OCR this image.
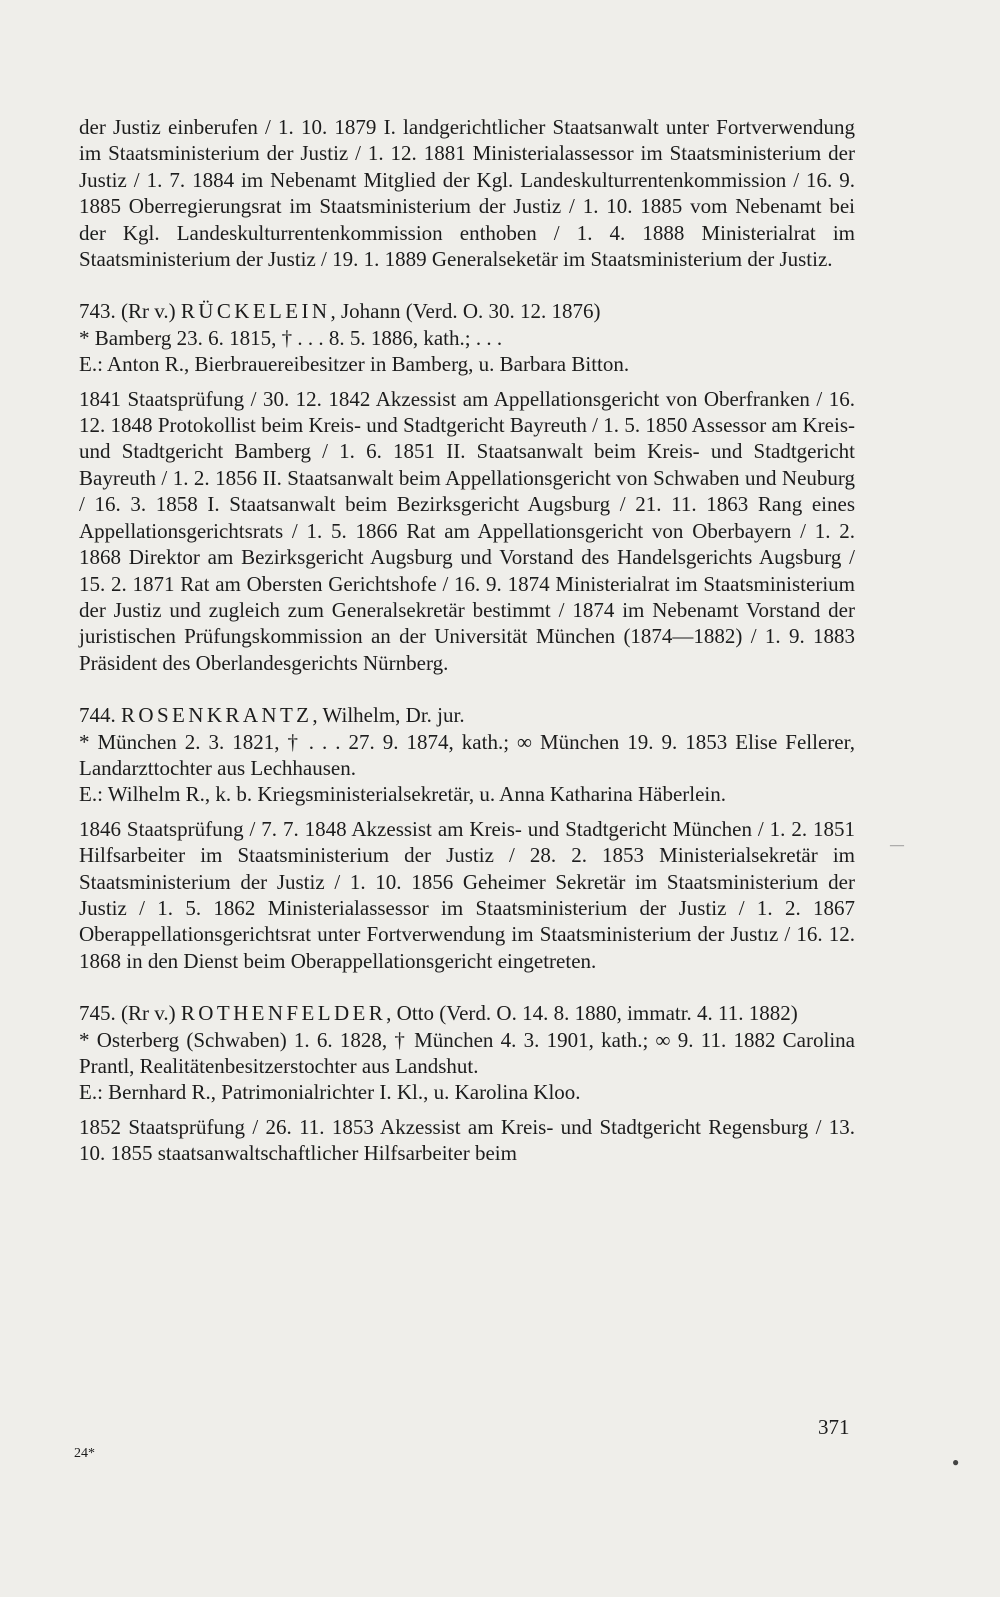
der Justiz einberufen / 1. 10. 1879 I. landgerichtlicher Staatsanwalt unter Fortverwendung im Staatsministerium der Justiz / 1. 12. 1881 Ministerialassessor im Staatsministerium der Justiz / 1. 7. 1884 im Nebenamt Mitglied der Kgl. Landeskulturrentenkommission / 16. 9. 1885 Oberregierungsrat im Staatsministerium der Justiz / 1. 10. 1885 vom Nebenamt bei der Kgl. Landeskulturrentenkommission enthoben / 1. 4. 1888 Ministerialrat im Staatsministerium der Justiz / 19. 1. 1889 Generalseketär im Staatsministerium der Justiz.

743. (Rr v.) RÜCKELEIN, Johann (Verd. O. 30. 12. 1876)

* Bamberg 23. 6. 1815, † . . . 8. 5. 1886, kath.; . . .

E.: Anton R., Bierbrauereibesitzer in Bamberg, u. Barbara Bitton.

1841 Staatsprüfung / 30. 12. 1842 Akzessist am Appellationsgericht von Oberfranken / 16. 12. 1848 Protokollist beim Kreis- und Stadtgericht Bayreuth / 1. 5. 1850 Assessor am Kreis- und Stadtgericht Bamberg / 1. 6. 1851 II. Staatsanwalt beim Kreis- und Stadtgericht Bayreuth / 1. 2. 1856 II. Staatsanwalt beim Appellationsgericht von Schwaben und Neuburg / 16. 3. 1858 I. Staatsanwalt beim Bezirksgericht Augsburg / 21. 11. 1863 Rang eines Appellationsgerichtsrats / 1. 5. 1866 Rat am Appellationsgericht von Oberbayern / 1. 2. 1868 Direktor am Bezirksgericht Augsburg und Vorstand des Handelsgerichts Augsburg / 15. 2. 1871 Rat am Obersten Gerichtshofe / 16. 9. 1874 Ministerialrat im Staatsministerium der Justiz und zugleich zum Generalsekretär bestimmt / 1874 im Nebenamt Vorstand der juristischen Prüfungskommission an der Universität München (1874—1882) / 1. 9. 1883 Präsident des Oberlandesgerichts Nürnberg.

744. ROSENKRANTZ, Wilhelm, Dr. jur.

* München 2. 3. 1821, † . . . 27. 9. 1874, kath.; ∞ München 19. 9. 1853 Elise Fellerer, Landarzttochter aus Lechhausen.

E.: Wilhelm R., k. b. Kriegsministerialsekretär, u. Anna Katharina Häberlein.

1846 Staatsprüfung / 7. 7. 1848 Akzessist am Kreis- und Stadtgericht München / 1. 2. 1851 Hilfsarbeiter im Staatsministerium der Justiz / 28. 2. 1853 Ministerialsekretär im Staatsministerium der Justiz / 1. 10. 1856 Geheimer Sekretär im Staatsministerium der Justiz / 1. 5. 1862 Ministerialassessor im Staatsministerium der Justiz / 1. 2. 1867 Oberappellationsgerichtsrat unter Fortverwendung im Staatsministerium der Justız / 16. 12. 1868 in den Dienst beim Oberappellationsgericht eingetreten.

745. (Rr v.) ROTHENFELDER, Otto (Verd. O. 14. 8. 1880, immatr. 4. 11. 1882)

* Osterberg (Schwaben) 1. 6. 1828, † München 4. 3. 1901, kath.; ∞ 9. 11. 1882 Carolina Prantl, Realitätenbesitzerstochter aus Landshut.

E.: Bernhard R., Patrimonialrichter I. Kl., u. Karolina Kloo.

1852 Staatsprüfung / 26. 11. 1853 Akzessist am Kreis- und Stadtgericht Regensburg / 13. 10. 1855 staatsanwaltschaftlicher Hilfsarbeiter beim

371
24*
—
●
